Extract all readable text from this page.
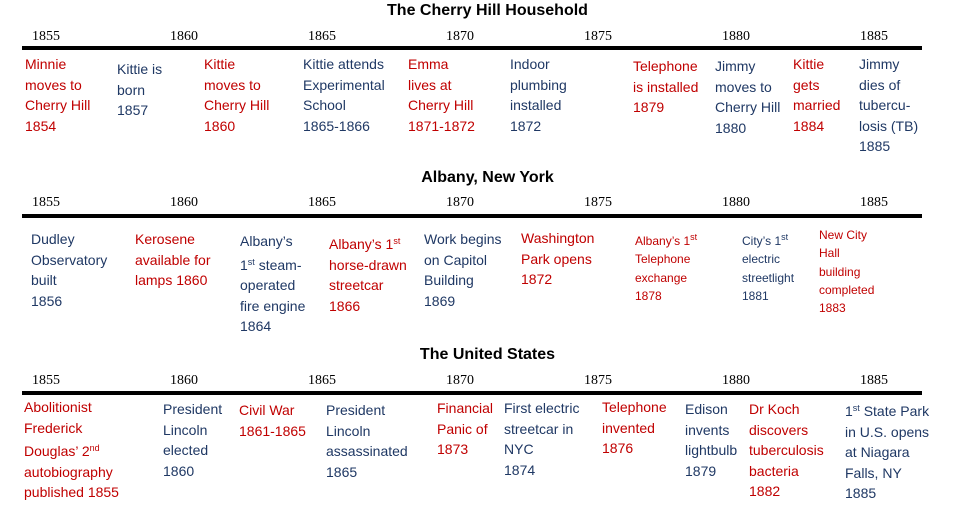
The Cherry Hill Household
1855	1860	1865	1870	1875	1880	1885
Minnie
moves to
Cherry Hill
1854
Kittie is
born
1857
Kittie
moves to
Cherry Hill
1860
Kittie attends
Experimental
School
1865-1866
Emma
lives at
Cherry Hill
1871-1872
Indoor
plumbing
installed
1872
Telephone
is installed
1879
Jimmy
moves to
Cherry Hill
1880
Kittie
gets
married
1884
Jimmy
dies of
tubercu-
losis (TB)
1885
Albany, New York
1855	1860	1865	1870	1875	1880	1885
Dudley
Observatory
built
1856
Kerosene
available for
lamps 1860
Albany’s
1st steam-
operated
fire engine
1864
Albany’s 1st
horse-drawn
streetcar
1866
Work begins
on Capitol
Building
1869
Washington
Park opens
1872
Albany’s 1st
Telephone
exchange
1878
City’s 1st
electric
streetlight
1881
New City
Hall
building
completed
1883
The United States
1855	1860	1865	1870	1875	1880	1885
Abolitionist
Frederick
Douglas’ 2nd
autobiography
published 1855
President
Lincoln
elected
1860
Civil War
1861-1865
President
Lincoln
assassinated
1865
Financial
Panic of
1873
First electric
streetcar in
NYC
1874
Telephone
invented
1876
Edison
invents
lightbulb
1879
Dr Koch
discovers
tuberculosis
bacteria
1882
1st State Park
in U.S. opens
at Niagara
Falls, NY
1885
